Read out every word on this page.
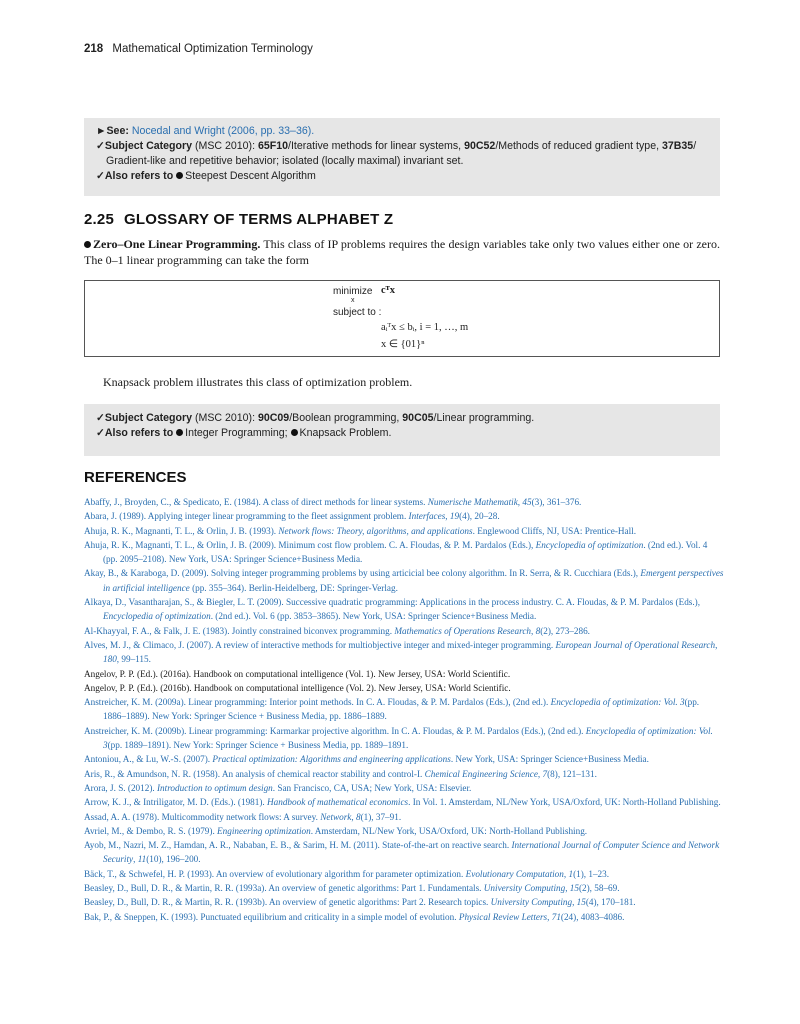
218 Mathematical Optimization Terminology
►See: Nocedal and Wright (2006, pp. 33–36).
✓Subject Category (MSC 2010): 65F10/Iterative methods for linear systems, 90C52/Methods of reduced gradient type, 37B35/
Gradient-like and repetitive behavior; isolated (locally maximal) invariant set.
✓Also refers to Steepest Descent Algorithm
2.25 GLOSSARY OF TERMS ALPHABET Z
Zero–One Linear Programming. This class of IP problems requires the design variables take only two values either one or zero. The 0–1 linear programming can take the form
minimize
x
cᵀx
subject to :
aᵢᵀx ≤ bᵢ, i = 1, …, m
x ∈ {01}ⁿ
Knapsack problem illustrates this class of optimization problem.
✓Subject Category (MSC 2010): 90C09/Boolean programming, 90C05/Linear programming.
✓Also refers to Integer Programming; Knapsack Problem.
REFERENCES
Abaffy, J., Broyden, C., & Spedicato, E. (1984). A class of direct methods for linear systems. Numerische Mathematik, 45(3), 361–376.
Abara, J. (1989). Applying integer linear programming to the fleet assignment problem. Interfaces, 19(4), 20–28.
Ahuja, R. K., Magnanti, T. L., & Orlin, J. B. (1993). Network flows: Theory, algorithms, and applications. Englewood Cliffs, NJ, USA: Prentice-Hall.
Ahuja, R. K., Magnanti, T. L., & Orlin, J. B. (2009). Minimum cost flow problem. C. A. Floudas, & P. M. Pardalos (Eds.), Encyclopedia of optimization. (2nd ed.). Vol. 4 (pp. 2095–2108). New York, USA: Springer Science+Business Media.
Akay, B., & Karaboga, D. (2009). Solving integer programming problems by using articicial bee colony algorithm. In R. Serra, & R. Cucchiara (Eds.), Emergent perspectives in artificial intelligence (pp. 355–364). Berlin-Heidelberg, DE: Springer-Verlag.
Alkaya, D., Vasantharajan, S., & Biegler, L. T. (2009). Successive quadratic programming: Applications in the process industry. C. A. Floudas, & P. M. Pardalos (Eds.), Encyclopedia of optimization. (2nd ed.). Vol. 6 (pp. 3853–3865). New York, USA: Springer Science+Business Media.
Al-Khayyal, F. A., & Falk, J. E. (1983). Jointly constrained biconvex programming. Mathematics of Operations Research, 8(2), 273–286.
Alves, M. J., & Climaco, J. (2007). A review of interactive methods for multiobjective integer and mixed-integer programming. European Journal of Operational Research, 180, 99–115.
Angelov, P. P. (Ed.). (2016a). Handbook on computational intelligence (Vol. 1). New Jersey, USA: World Scientific.
Angelov, P. P. (Ed.). (2016b). Handbook on computational intelligence (Vol. 2). New Jersey, USA: World Scientific.
Anstreicher, K. M. (2009a). Linear programming: Interior point methods. In C. A. Floudas, & P. M. Pardalos (Eds.), (2nd ed.). Encyclopedia of optimization: Vol. 3(pp. 1886–1889). New York: Springer Science + Business Media, pp. 1886–1889.
Anstreicher, K. M. (2009b). Linear programming: Karmarkar projective algorithm. In C. A. Floudas, & P. M. Pardalos (Eds.), (2nd ed.). Encyclopedia of optimization: Vol. 3(pp. 1889–1891). New York: Springer Science + Business Media, pp. 1889–1891.
Antoniou, A., & Lu, W.-S. (2007). Practical optimization: Algorithms and engineering applications. New York, USA: Springer Science+Business Media.
Aris, R., & Amundson, N. R. (1958). An analysis of chemical reactor stability and control-I. Chemical Engineering Science, 7(8), 121–131.
Arora, J. S. (2012). Introduction to optimum design. San Francisco, CA, USA; New York, USA: Elsevier.
Arrow, K. J., & Intriligator, M. D. (Eds.). (1981). Handbook of mathematical economics. In Vol. 1. Amsterdam, NL/New York, USA/Oxford, UK: North-Holland Publishing.
Assad, A. A. (1978). Multicommodity network flows: A survey. Network, 8(1), 37–91.
Avriel, M., & Dembo, R. S. (1979). Engineering optimization. Amsterdam, NL/New York, USA/Oxford, UK: North-Holland Publishing.
Ayob, M., Nazri, M. Z., Hamdan, A. R., Nababan, E. B., & Sarim, H. M. (2011). State-of-the-art on reactive search. International Journal of Computer Science and Network Security, 11(10), 196–200.
Bäck, T., & Schwefel, H. P. (1993). An overview of evolutionary algorithm for parameter optimization. Evolutionary Computation, 1(1), 1–23.
Beasley, D., Bull, D. R., & Martin, R. R. (1993a). An overview of genetic algorithms: Part 1. Fundamentals. University Computing, 15(2), 58–69.
Beasley, D., Bull, D. R., & Martin, R. R. (1993b). An overview of genetic algorithms: Part 2. Research topics. University Computing, 15(4), 170–181.
Bak, P., & Sneppen, K. (1993). Punctuated equilibrium and criticality in a simple model of evolution. Physical Review Letters, 71(24), 4083–4086.
